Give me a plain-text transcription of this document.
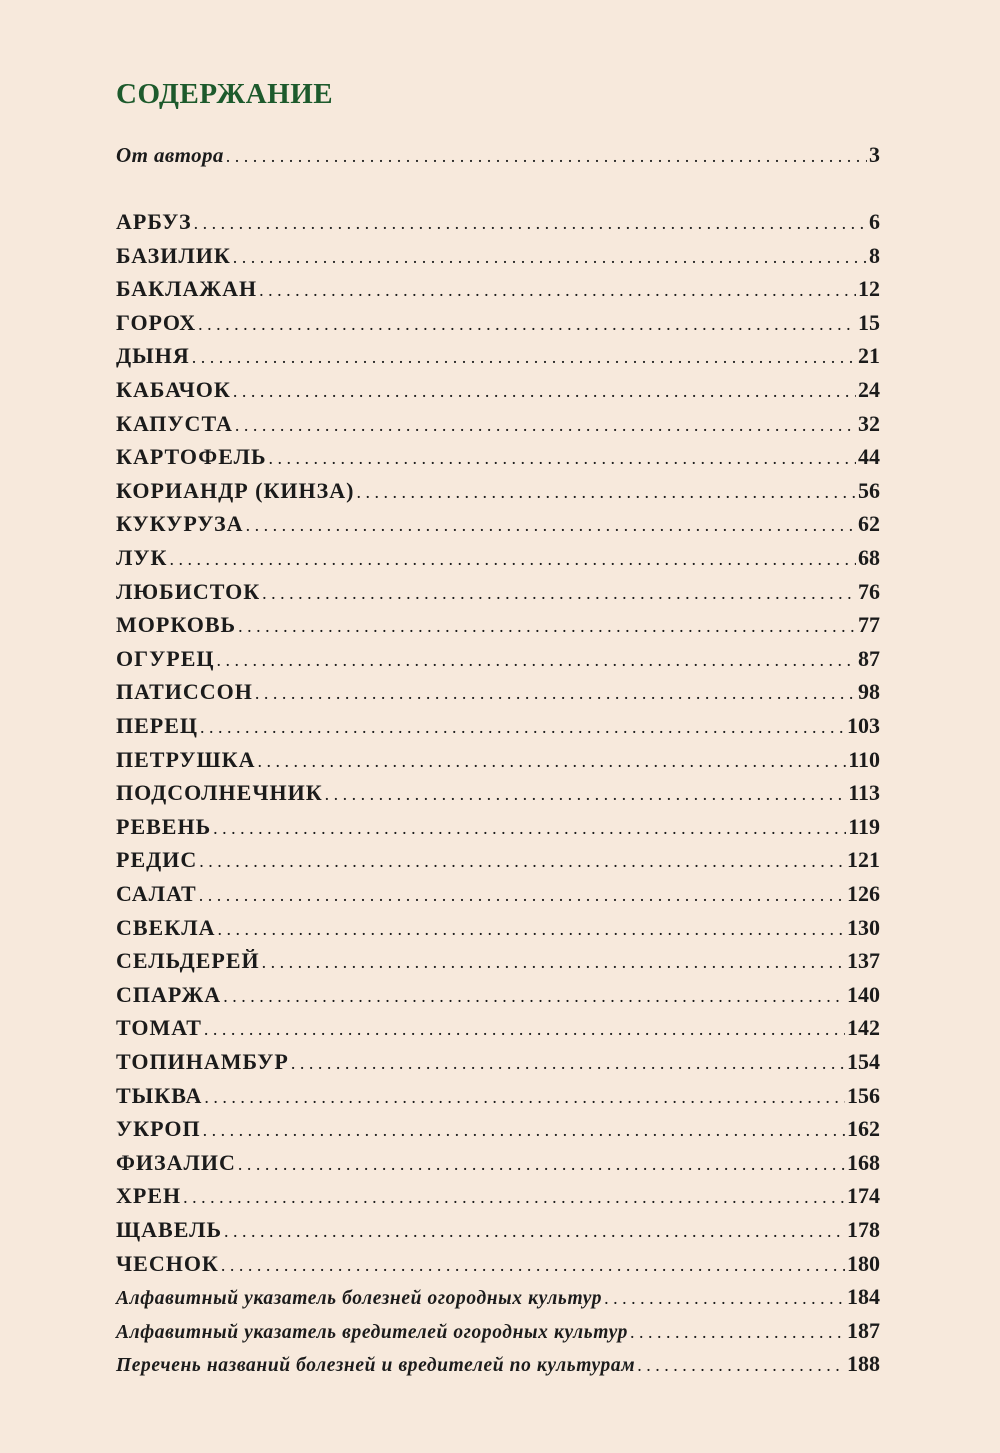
СОДЕРЖАНИЕ
От автора . . .	3
АРБУЗ . . .	6
БАЗИЛИК . . .	8
БАКЛАЖАН . . .	12
ГОРОХ . . .	15
ДЫНЯ . . .	21
КАБАЧОК . . .	24
КАПУСТА . . .	32
КАРТОФЕЛЬ . . .	44
КОРИАНДР (КИНЗА) . . .	56
КУКУРУЗА . . .	62
ЛУК . . .	68
ЛЮБИСТОК . . .	76
МОРКОВЬ . . .	77
ОГУРЕЦ . . .	87
ПАТИССОН . . .	98
ПЕРЕЦ . . .	103
ПЕТРУШКА . . .	110
ПОДСОЛНЕЧНИК . . .	113
РЕВЕНЬ . . .	119
РЕДИС . . .	121
САЛАТ . . .	126
СВЕКЛА . . .	130
СЕЛЬДЕРЕЙ . . .	137
СПАРЖА . . .	140
ТОМАТ . . .	142
ТОПИНАМБУР . . .	154
ТЫКВА . . .	156
УКРОП . . .	162
ФИЗАЛИС . . .	168
ХРЕН . . .	174
ЩАВЕЛЬ . . .	178
ЧЕСНОК . . .	180
Алфавитный указатель болезней огородных культур . . .	184
Алфавитный указатель вредителей огородных культур . . .	187
Перечень названий болезней и вредителей по культурам . . .	188
